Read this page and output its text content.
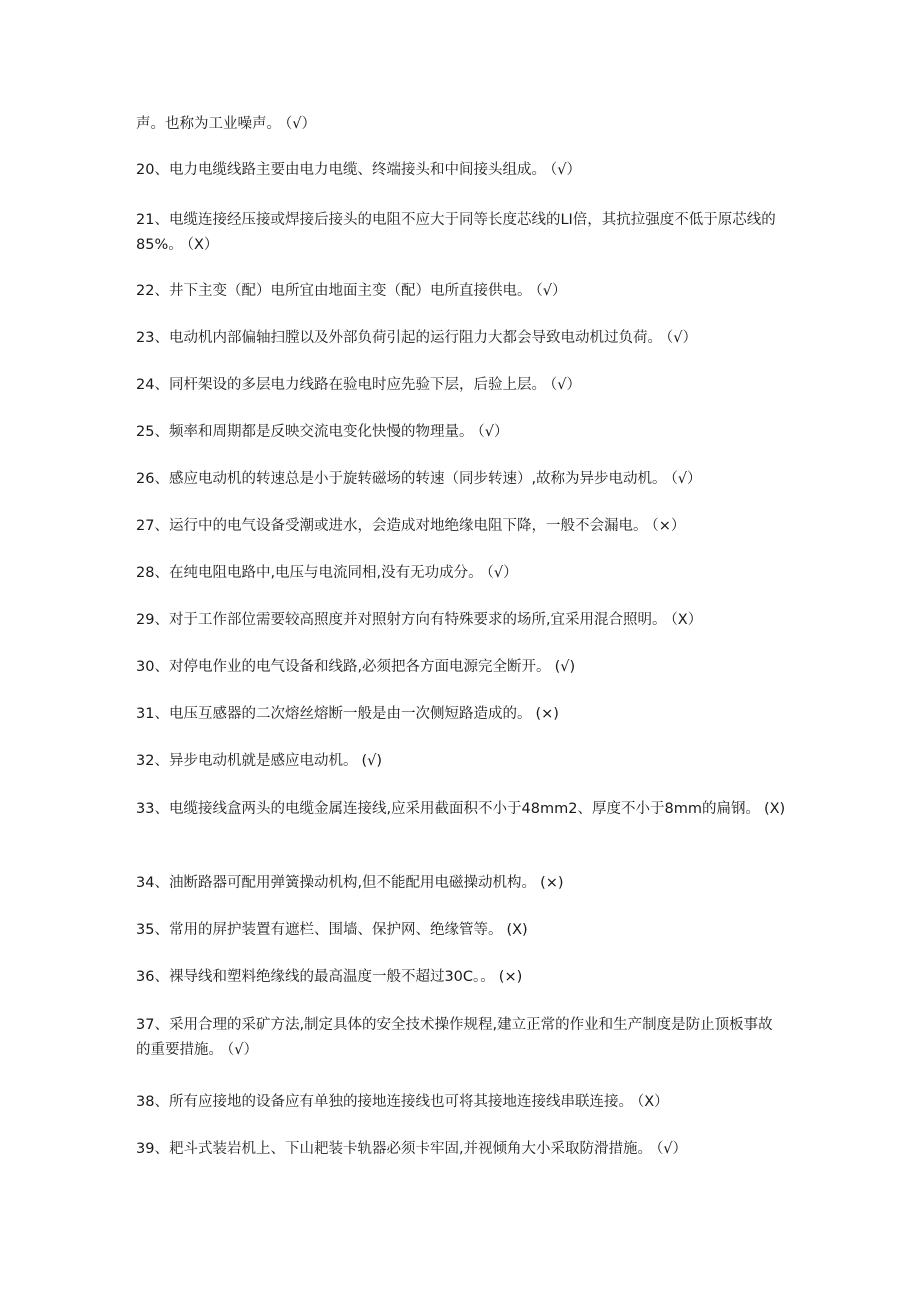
声。也称为工业噪声。 （√）

20、电力电缆线路主要由电力电缆、终端接头和中间接头组成。 （√）

21、电缆连接经压接或焊接后接头的电阻不应大于同等长度芯线的LI倍，其抗拉强度不低于原芯线的85%。 （X）

22、井下主变（配）电所宜由地面主变（配）电所直接供电。 （√）

23、电动机内部偏轴扫膛以及外部负荷引起的运行阻力大都会导致电动机过负荷。 （√）

24、同杆架设的多层电力线路在验电时应先验下层，后验上层。 （√）

25、频率和周期都是反映交流电变化快慢的物理量。 （√）

26、感应电动机的转速总是小于旋转磁场的转速（同步转速）,故称为异步电动机。 （√）

27、运行中的电气设备受潮或进水，会造成对地绝缘电阻下降，一般不会漏电。 （×）

28、在纯电阻电路中,电压与电流同相,没有无功成分。 （√）

29、对于工作部位需要较高照度并对照射方向有特殊要求的场所,宜采用混合照明。 （X）

30、对停电作业的电气设备和线路,必须把各方面电源完全断开。 (√)

31、电压互感器的二次熔丝熔断一般是由一次侧短路造成的。 (×)

32、异步电动机就是感应电动机。 (√)

33、电缆接线盒两头的电缆金属连接线,应采用截面积不小于48mm2、厚度不小于8mm的扁钢。 (X)

34、油断路器可配用弹簧操动机构,但不能配用电磁操动机构。 (×)

35、常用的屏护装置有遮栏、围墙、保护网、绝缘管等。 (X)

36、裸导线和塑料绝缘线的最高温度一般不超过30C。。 (×)

37、采用合理的采矿方法,制定具体的安全技术操作规程,建立正常的作业和生产制度是防止顶板事故的重要措施。 （√）

38、所有应接地的设备应有单独的接地连接线也可将其接地连接线串联连接。 （X）

39、耙斗式装岩机上、下山耙装卡轨器必须卡牢固,并视倾角大小采取防滑措施。 （√）
